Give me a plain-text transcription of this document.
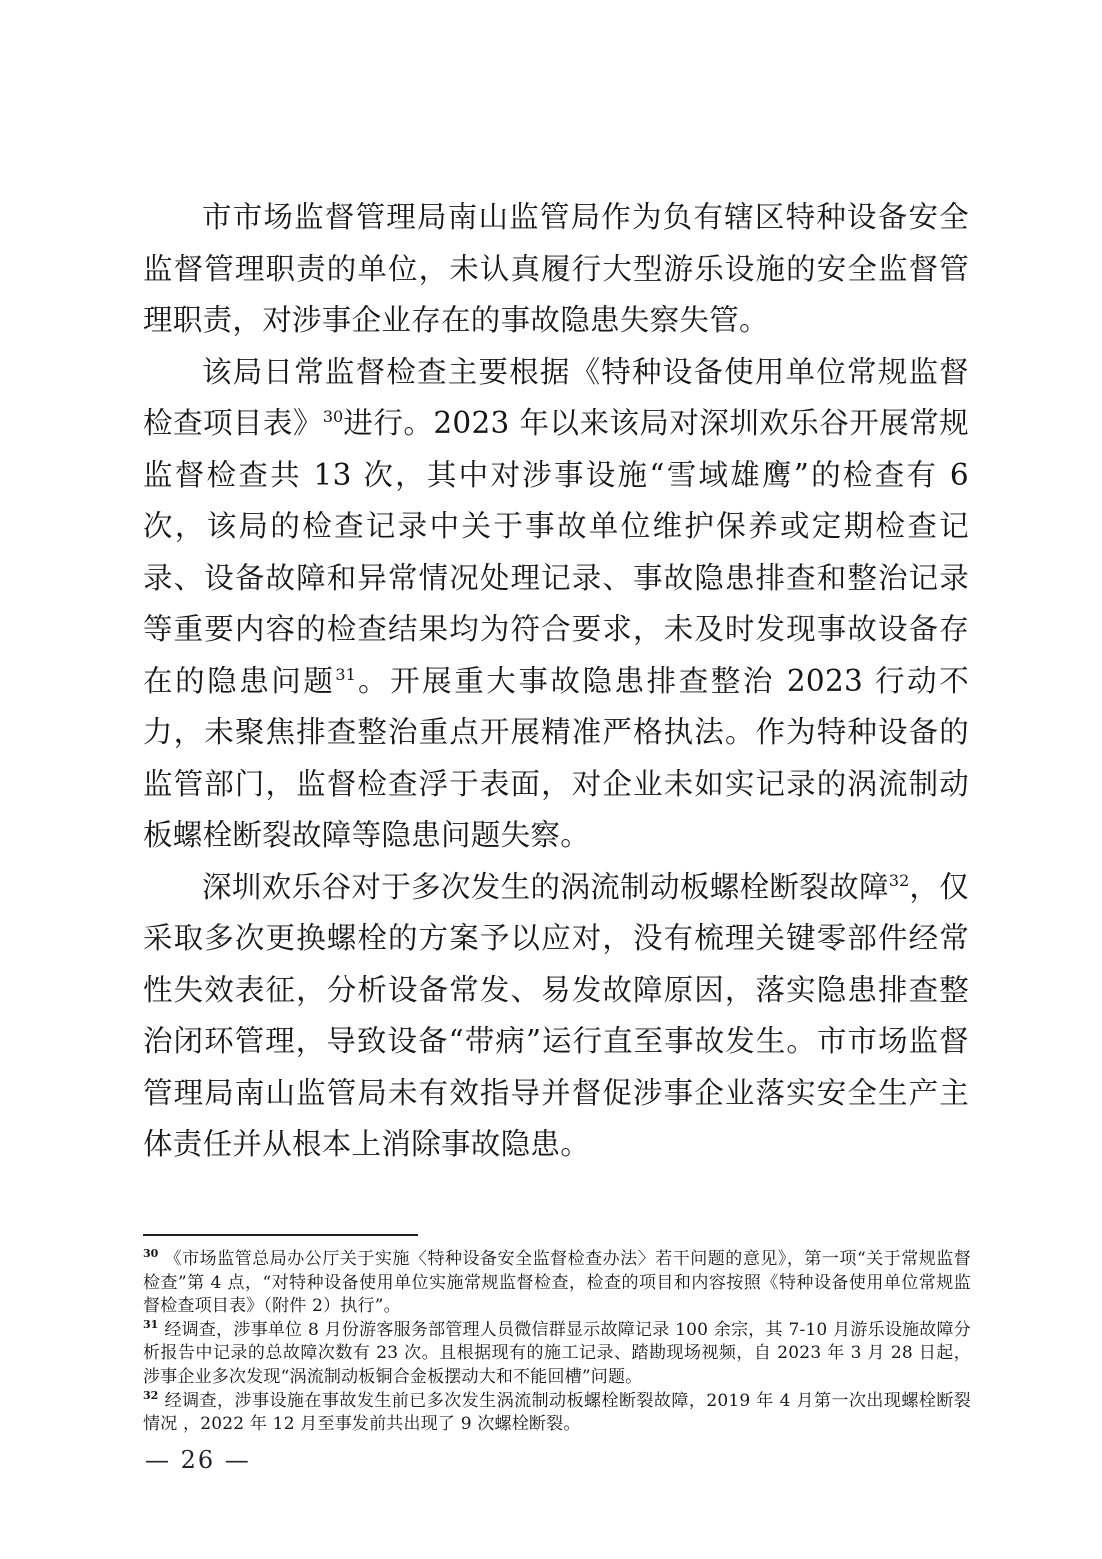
市市场监督管理局南山监管局作为负有辖区特种设备安全监督管理职责的单位，未认真履行大型游乐设施的安全监督管理职责，对涉事企业存在的事故隐患失察失管。

该局日常监督检查主要根据《特种设备使用单位常规监督检查项目表》$^{30}$进行。2023 年以来该局对深圳欢乐谷开展常规监督检查共 13 次，其中对涉事设施“雪域雄鹰”的检查有 6 次，该局的检查记录中关于事故单位维护保养或定期检查记录、设备故障和异常情况处理记录、事故隐患排查和整治记录等重要内容的检查结果均为符合要求，未及时发现事故设备存在的隐患问题$^{31}$。开展重大事故隐患排查整治 2023 行动不力，未聚焦排查整治重点开展精准严格执法。作为特种设备的监管部门，监督检查浮于表面，对企业未如实记录的涡流制动板螺栓断裂故障等隐患问题失察。

深圳欢乐谷对于多次发生的涡流制动板螺栓断裂故障$^{32}$，仅采取多次更换螺栓的方案予以应对，没有梳理关键零部件经常性失效表征，分析设备常发、易发故障原因，落实隐患排查整治闭环管理，导致设备“带病”运行直至事故发生。市市场监督管理局南山监管局未有效指导并督促涉事企业落实安全生产主体责任并从根本上消除事故隐患。

$^{30}$ 《市场监管总局办公厅关于实施〈特种设备安全监督检查办法〉若干问题的意见》，第一项“关于常规监督检查”第 4 点，“对特种设备使用单位实施常规监督检查，检查的项目和内容按照《特种设备使用单位常规监督检查项目表》（附件 2）执行”。

$^{31}$ 经调查，涉事单位 8 月份游客服务部管理人员微信群显示故障记录 100 余宗，其 7-10 月游乐设施故障分析报告中记录的总故障次数有 23 次。且根据现有的施工记录、踏勘现场视频，自 2023 年 3 月 28 日起，涉事企业多次发现“涡流制动板铜合金板摆动大和不能回槽”问题。

$^{32}$ 经调查，涉事设施在事故发生前已多次发生涡流制动板螺栓断裂故障，2019 年 4 月第一次出现螺栓断裂情况 ，2022 年 12 月至事发前共出现了 9 次螺栓断裂。

— 26 —
